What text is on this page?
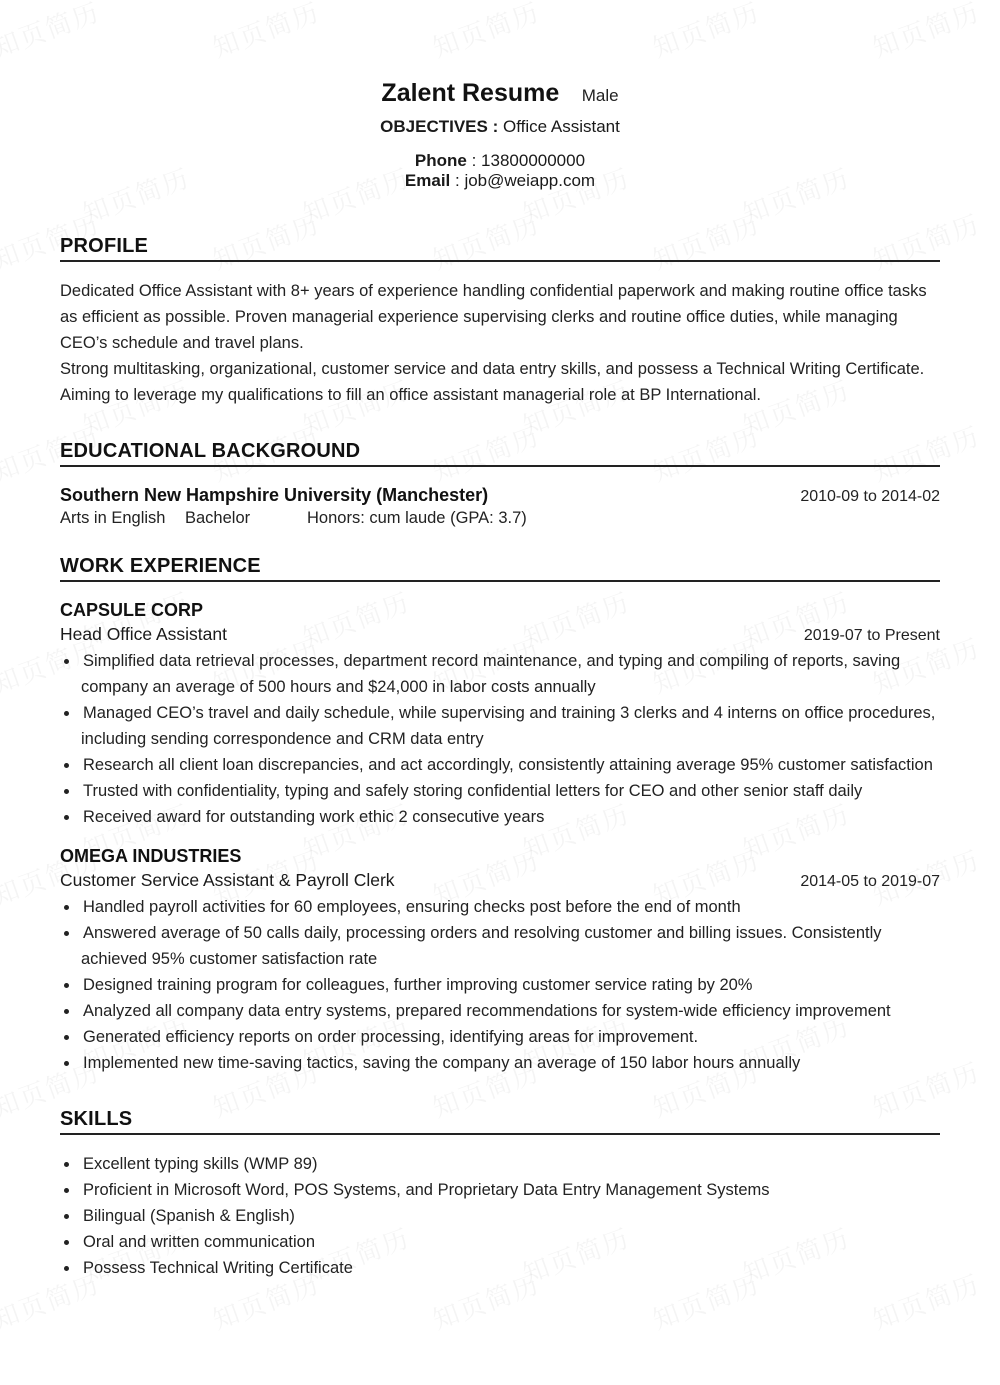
Zalent Resume Male
OBJECTIVES : Office Assistant
Phone : 13800000000
Email : job@weiapp.com
PROFILE

Dedicated Office Assistant with 8+ years of experience handling confidential paperwork and making routine office tasks as efficient as possible. Proven managerial experience supervising clerks and routine office duties, while managing CEO’s schedule and travel plans.

Strong multitasking, organizational, customer service and data entry skills, and possess a Technical Writing Certificate. Aiming to leverage my qualifications to fill an office assistant managerial role at BP International.

EDUCATIONAL BACKGROUND
Southern New Hampshire University (Manchester)	2010-09 to 2014-02
Arts in English Bachelor	Honors: cum laude (GPA: 3.7)
WORK EXPERIENCE
CAPSULE CORP
Head Office Assistant	2019-07 to Present
Simplified data retrieval processes, department record maintenance, and typing and compiling of reports, saving company an average of 500 hours and $24,000 in labor costs annually
Managed CEO’s travel and daily schedule, while supervising and training 3 clerks and 4 interns on office procedures, including sending correspondence and CRM data entry
Research all client loan discrepancies, and act accordingly, consistently attaining average 95% customer satisfaction
Trusted with confidentiality, typing and safely storing confidential letters for CEO and other senior staff daily
Received award for outstanding work ethic 2 consecutive years
OMEGA INDUSTRIES
Customer Service Assistant & Payroll Clerk	2014-05 to 2019-07
Handled payroll activities for 60 employees, ensuring checks post before the end of month
Answered average of 50 calls daily, processing orders and resolving customer and billing issues. Consistently achieved 95% customer satisfaction rate
Designed training program for colleagues, further improving customer service rating by 20%
Analyzed all company data entry systems, prepared recommendations for system-wide efficiency improvement
Generated efficiency reports on order processing, identifying areas for improvement.
Implemented new time-saving tactics, saving the company an average of 150 labor hours annually
SKILLS
Excellent typing skills (WMP 89)
Proficient in Microsoft Word, POS Systems, and Proprietary Data Entry Management Systems
Bilingual (Spanish & English)
Oral and written communication
Possess Technical Writing Certificate
